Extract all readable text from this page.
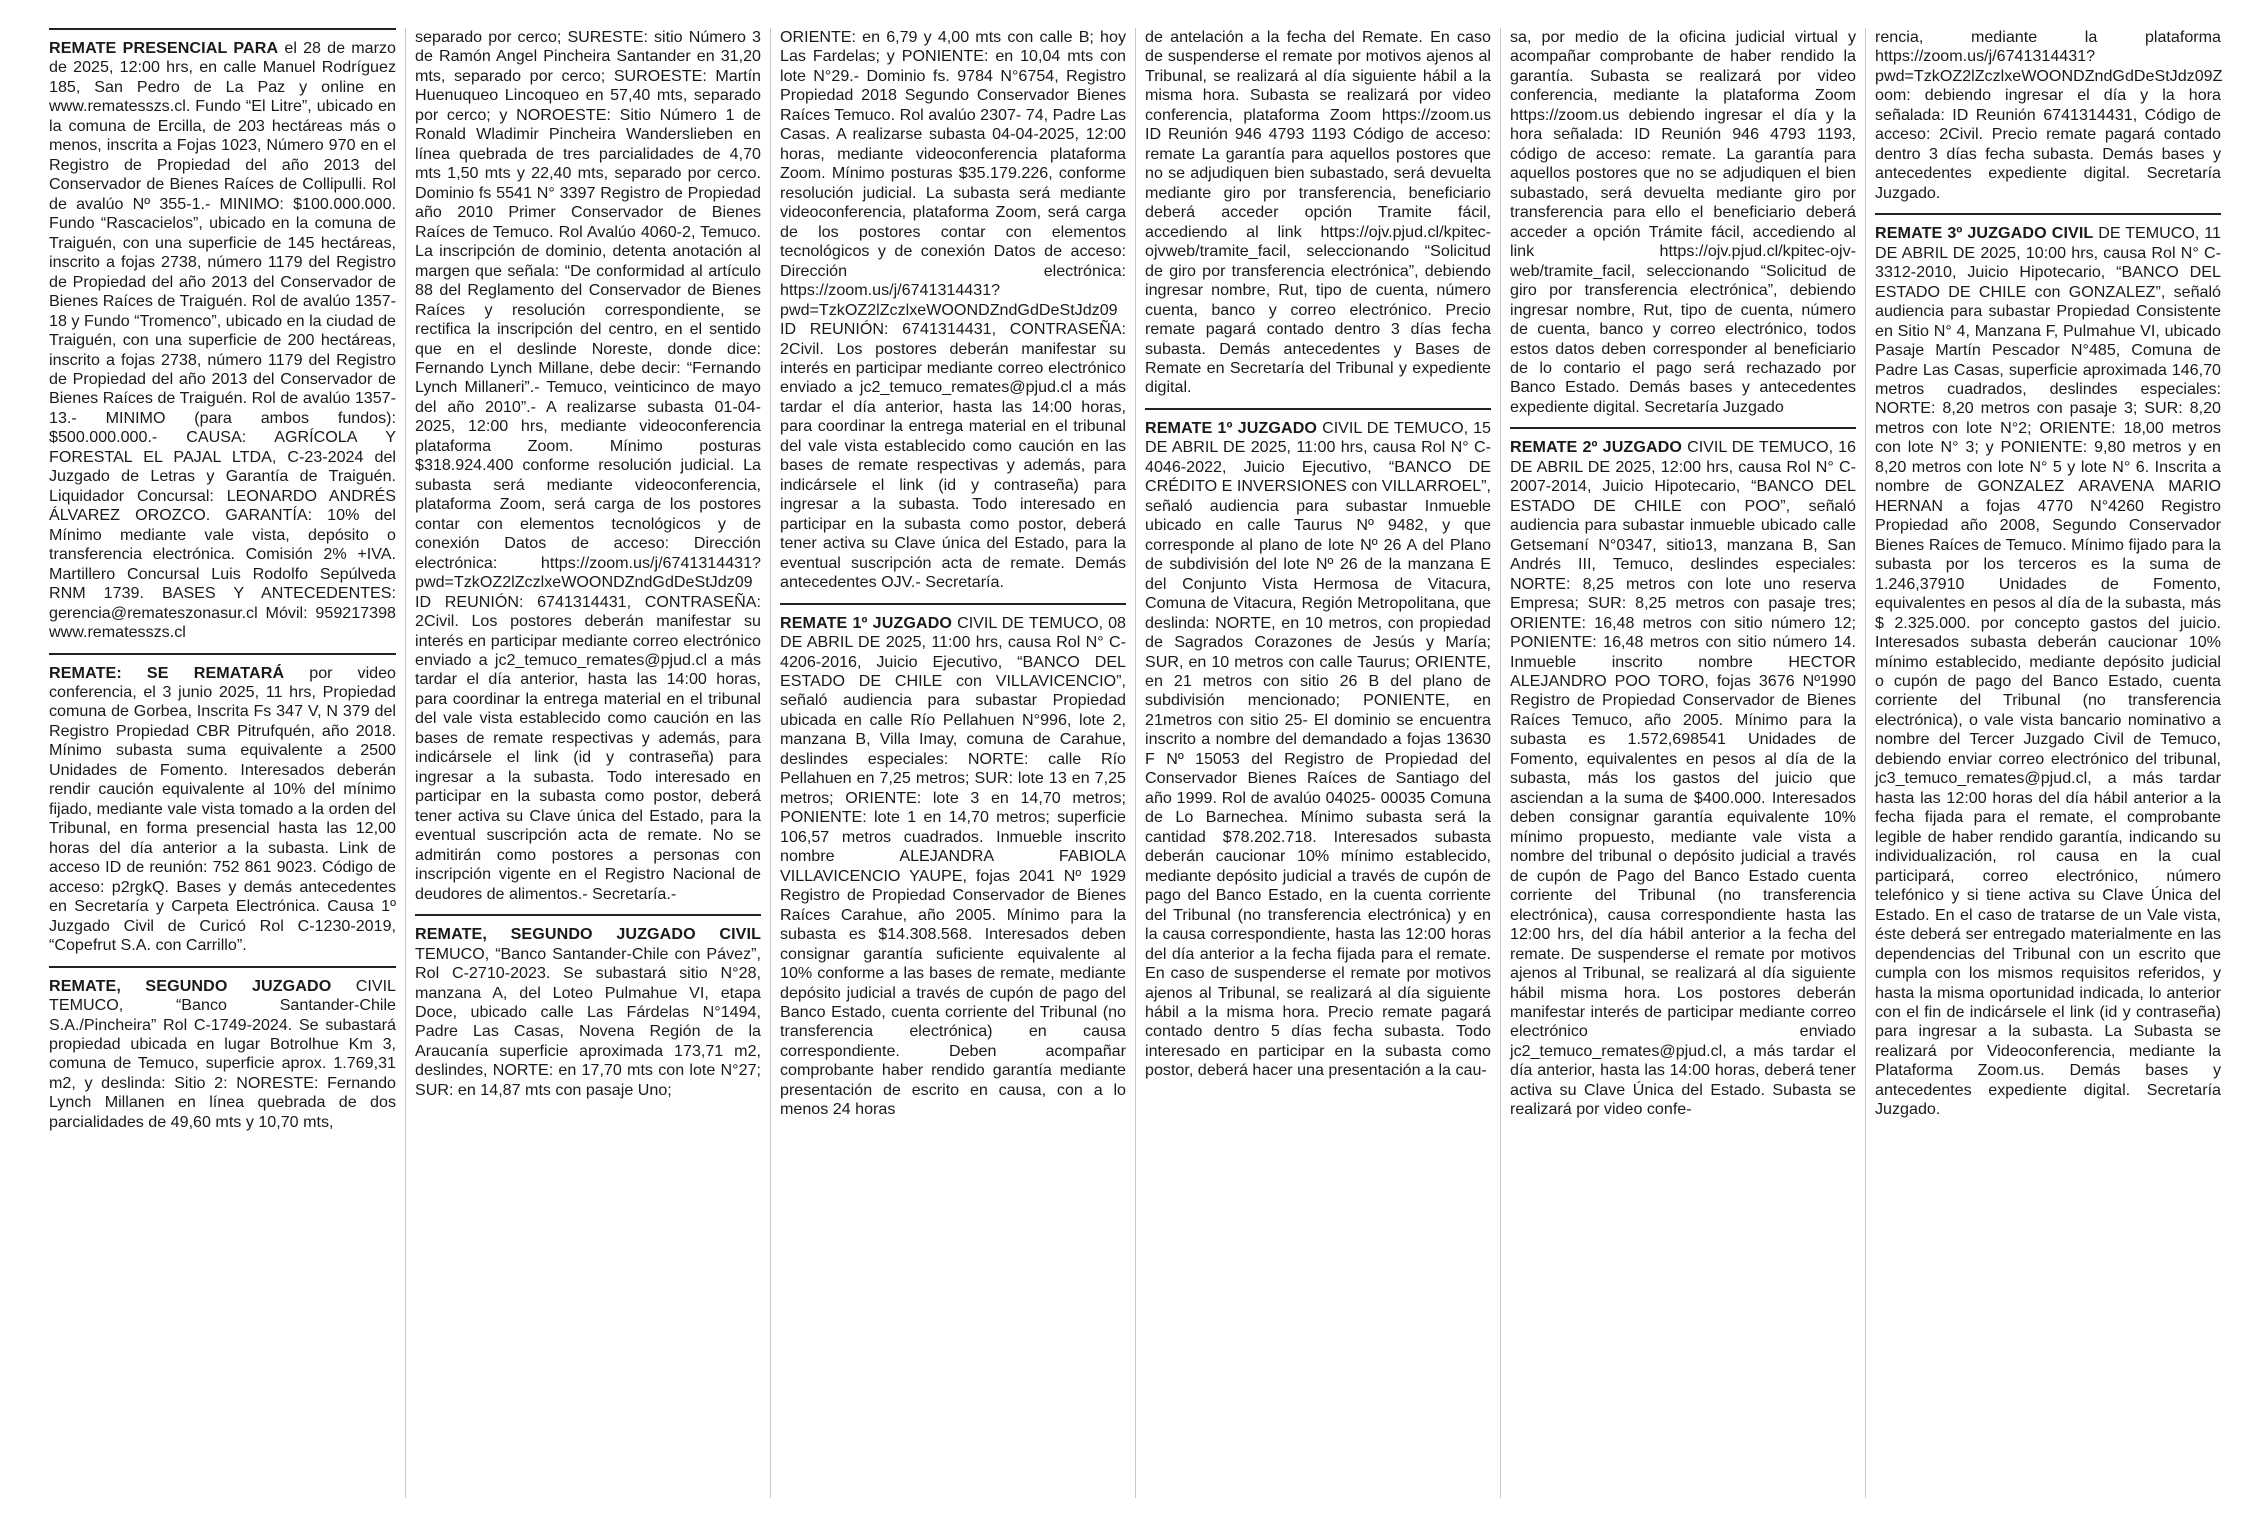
REMATE PRESENCIAL PARA el 28 de marzo de 2025, 12:00 hrs, en calle Manuel Rodríguez 185, San Pedro de La Paz y online en www.rematesszs.cl. Fundo “El Litre”, ubicado en la comuna de Ercilla, de 203 hectáreas más o menos, inscrita a Fojas 1023, Número 970 en el Registro de Propiedad del año 2013 del Conservador de Bienes Raíces de Collipulli. Rol de avalúo Nº 355-1.- MINIMO: $100.000.000. Fundo “Rascacielos”, ubicado en la comuna de Traiguén, con una superficie de 145 hectáreas, inscrito a fojas 2738, número 1179 del Registro de Propiedad del año 2013 del Conservador de Bienes Raíces de Traiguén. Rol de avalúo 1357-18 y Fundo “Tromenco”, ubicado en la ciudad de Traiguén, con una superficie de 200 hectáreas, inscrito a fojas 2738, número 1179 del Registro de Propiedad del año 2013 del Conservador de Bienes Raíces de Traiguén. Rol de avalúo 1357-13.- MINIMO (para ambos fundos): $500.000.000.- CAUSA: AGRÍCOLA Y FORESTAL EL PAJAL LTDA, C-23-2024 del Juzgado de Letras y Garantía de Traiguén. Liquidador Concursal: LEONARDO ANDRÉS ÁLVAREZ OROZCO. GARANTÍA: 10% del Mínimo mediante vale vista, depósito o transferencia electrónica. Comisión 2% +IVA. Martillero Concursal Luis Rodolfo Sepúlveda RNM 1739. BASES Y ANTECEDENTES: gerencia@remateszonasur.cl Móvil: 959217398 www.rematesszs.cl

REMATE: SE REMATARÁ por video conferencia, el 3 junio 2025, 11 hrs, Propiedad comuna de Gorbea, Inscrita Fs 347 V, N 379 del Registro Propiedad CBR Pitrufquén, año 2018. Mínimo subasta suma equivalente a 2500 Unidades de Fomento. Interesados deberán rendir caución equivalente al 10% del mínimo fijado, mediante vale vista tomado a la orden del Tribunal, en forma presencial hasta las 12,00 horas del día anterior a la subasta. Link de acceso ID de reunión: 752 861 9023. Código de acceso: p2rgkQ. Bases y demás antecedentes en Secretaría y Carpeta Electrónica. Causa 1º Juzgado Civil de Curicó Rol C-1230-2019, “Copefrut S.A. con Carrillo”.

REMATE, SEGUNDO JUZGADO CIVIL TEMUCO, “Banco Santander-Chile S.A./Pincheira” Rol C-1749-2024. Se subastará propiedad ubicada en lugar Botrolhue Km 3, comuna de Temuco, superficie aprox. 1.769,31 m2, y deslinda: Sitio 2: NORESTE: Fernando Lynch Millanen en línea quebrada de dos parcialidades de 49,60 mts y 10,70 mts,

separado por cerco; SURESTE: sitio Número 3 de Ramón Angel Pincheira Santander en 31,20 mts, separado por cerco; SUROESTE: Martín Huenuqueo Lincoqueo en 57,40 mts, separado por cerco; y NOROESTE: Sitio Número 1 de Ronald Wladimir Pincheira Wanderslieben en línea quebrada de tres parcialidades de 4,70 mts 1,50 mts y 22,40 mts, separado por cerco. Dominio fs 5541 N° 3397 Registro de Propiedad año 2010 Primer Conservador de Bienes Raíces de Temuco. Rol Avalúo 4060-2, Temuco. La inscripción de dominio, detenta anotación al margen que señala: “De conformidad al artículo 88 del Reglamento del Conservador de Bienes Raíces y resolución correspondiente, se rectifica la inscripción del centro, en el sentido que en el deslinde Noreste, donde dice: Fernando Lynch Millane, debe decir: “Fernando Lynch Millaneri”.- Temuco, veinticinco de mayo del año 2010”.- A realizarse subasta 01-04-2025, 12:00 hrs, mediante videoconferencia plataforma Zoom. Mínimo posturas $318.924.400 conforme resolución judicial. La subasta será mediante videoconferencia, plataforma Zoom, será carga de los postores contar con elementos tecnológicos y de conexión Datos de acceso: Dirección electrónica: https://zoom.us/j/6741314431?pwd=TzkOZ2lZczlxeWOONDZndGdDeStJdz09 ID REUNIÓN: 6741314431, CONTRASEÑA: 2Civil. Los postores deberán manifestar su interés en participar mediante correo electrónico enviado a jc2_temuco_remates@pjud.cl a más tardar el día anterior, hasta las 14:00 horas, para coordinar la entrega material en el tribunal del vale vista establecido como caución en las bases de remate respectivas y además, para indicársele el link (id y contraseña) para ingresar a la subasta. Todo interesado en participar en la subasta como postor, deberá tener activa su Clave única del Estado, para la eventual suscripción acta de remate. No se admitirán como postores a personas con inscripción vigente en el Registro Nacional de deudores de alimentos.- Secretaría.-

REMATE, SEGUNDO JUZGADO CIVIL TEMUCO, “Banco Santander-Chile con Pávez”, Rol C-2710-2023. Se subastará sitio N°28, manzana A, del Loteo Pulmahue VI, etapa Doce, ubicado calle Las Fárdelas N°1494, Padre Las Casas, Novena Región de la Araucanía superficie aproximada 173,71 m2, deslindes, NORTE: en 17,70 mts con lote N°27; SUR: en 14,87 mts con pasaje Uno;

ORIENTE: en 6,79 y 4,00 mts con calle B; hoy Las Fardelas; y PONIENTE: en 10,04 mts con lote N°29.- Dominio fs. 9784 N°6754, Registro Propiedad 2018 Segundo Conservador Bienes Raíces Temuco. Rol avalúo 2307- 74, Padre Las Casas. A realizarse subasta 04-04-2025, 12:00 horas, mediante videoconferencia plataforma Zoom. Mínimo posturas $35.179.226, conforme resolución judicial. La subasta será mediante videoconferencia, plataforma Zoom, será carga de los postores contar con elementos tecnológicos y de conexión Datos de acceso: Dirección electrónica: https://zoom.us/j/6741314431?pwd=TzkOZ2lZczlxeWOONDZndGdDeStJdz09 ID REUNIÓN: 6741314431, CONTRASEÑA: 2Civil. Los postores deberán manifestar su interés en participar mediante correo electrónico enviado a jc2_temuco_remates@pjud.cl a más tardar el día anterior, hasta las 14:00 horas, para coordinar la entrega material en el tribunal del vale vista establecido como caución en las bases de remate respectivas y además, para indicársele el link (id y contraseña) para ingresar a la subasta. Todo interesado en participar en la subasta como postor, deberá tener activa su Clave única del Estado, para la eventual suscripción acta de remate. Demás antecedentes OJV.- Secretaría.

REMATE 1º JUZGADO CIVIL DE TEMUCO, 08 DE ABRIL DE 2025, 11:00 hrs, causa Rol N° C-4206-2016, Juicio Ejecutivo, “BANCO DEL ESTADO DE CHILE con VILLAVICENCIO”, señaló audiencia para subastar Propiedad ubicada en calle Río Pellahuen N°996, lote 2, manzana B, Villa Imay, comuna de Carahue, deslindes especiales: NORTE: calle Río Pellahuen en 7,25 metros; SUR: lote 13 en 7,25 metros; ORIENTE: lote 3 en 14,70 metros; PONIENTE: lote 1 en 14,70 metros; superficie 106,57 metros cuadrados. Inmueble inscrito nombre ALEJANDRA FABIOLA VILLAVICENCIO YAUPE, fojas 2041 Nº 1929 Registro de Propiedad Conservador de Bienes Raíces Carahue, año 2005. Mínimo para la subasta es $14.308.568. Interesados deben consignar garantía suficiente equivalente al 10% conforme a las bases de remate, mediante depósito judicial a través de cupón de pago del Banco Estado, cuenta corriente del Tribunal (no transferencia electrónica) en causa correspondiente. Deben acompañar comprobante haber rendido garantía mediante presentación de escrito en causa, con a lo menos 24 horas

de antelación a la fecha del Remate. En caso de suspenderse el remate por motivos ajenos al Tribunal, se realizará al día siguiente hábil a la misma hora. Subasta se realizará por video conferencia, plataforma Zoom https://zoom.us ID Reunión 946 4793 1193 Código de acceso: remate La garantía para aquellos postores que no se adjudiquen bien subastado, será devuelta mediante giro por transferencia, beneficiario deberá acceder opción Tramite fácil, accediendo al link https://ojv.pjud.cl/kpitec-ojvweb/tramite_facil, seleccionando “Solicitud de giro por transferencia electrónica”, debiendo ingresar nombre, Rut, tipo de cuenta, número cuenta, banco y correo electrónico. Precio remate pagará contado dentro 3 días fecha subasta. Demás antecedentes y Bases de Remate en Secretaría del Tribunal y expediente digital.

REMATE 1º JUZGADO CIVIL DE TEMUCO, 15 DE ABRIL DE 2025, 11:00 hrs, causa Rol N° C-4046-2022, Juicio Ejecutivo, “BANCO DE CRÉDITO E INVERSIONES con VILLARROEL”, señaló audiencia para subastar Inmueble ubicado en calle Taurus Nº 9482, y que corresponde al plano de lote Nº 26 A del Plano de subdivisión del lote Nº 26 de la manzana E del Conjunto Vista Hermosa de Vitacura, Comuna de Vitacura, Región Metropolitana, que deslinda: NORTE, en 10 metros, con propiedad de Sagrados Corazones de Jesús y María; SUR, en 10 metros con calle Taurus; ORIENTE, en 21 metros con sitio 26 B del plano de subdivisión mencionado; PONIENTE, en 21metros con sitio 25- El dominio se encuentra inscrito a nombre del demandado a fojas 13630 F Nº 15053 del Registro de Propiedad del Conservador Bienes Raíces de Santiago del año 1999. Rol de avalúo 04025- 00035 Comuna de Lo Barnechea. Mínimo subasta será la cantidad $78.202.718. Interesados subasta deberán caucionar 10% mínimo establecido, mediante depósito judicial a través de cupón de pago del Banco Estado, en la cuenta corriente del Tribunal (no transferencia electrónica) y en la causa correspondiente, hasta las 12:00 horas del día anterior a la fecha fijada para el remate. En caso de suspenderse el remate por motivos ajenos al Tribunal, se realizará al día siguiente hábil a la misma hora. Precio remate pagará contado dentro 5 días fecha subasta. Todo interesado en participar en la subasta como postor, deberá hacer una presentación a la cau-

sa, por medio de la oficina judicial virtual y acompañar comprobante de haber rendido la garantía. Subasta se realizará por video conferencia, mediante la plataforma Zoom https://zoom.us debiendo ingresar el día y la hora señalada: ID Reunión 946 4793 1193, código de acceso: remate. La garantía para aquellos postores que no se adjudiquen el bien subastado, será devuelta mediante giro por transferencia para ello el beneficiario deberá acceder a opción Trámite fácil, accediendo al link https://ojv.pjud.cl/kpitec-ojv-web/tramite_facil, seleccionando “Solicitud de giro por transferencia electrónica”, debiendo ingresar nombre, Rut, tipo de cuenta, número de cuenta, banco y correo electrónico, todos estos datos deben corresponder al beneficiario de lo contario el pago será rechazado por Banco Estado. Demás bases y antecedentes expediente digital. Secretaría Juzgado

REMATE 2º JUZGADO CIVIL DE TEMUCO, 16 DE ABRIL DE 2025, 12:00 hrs, causa Rol N° C-2007-2014, Juicio Hipotecario, “BANCO DEL ESTADO DE CHILE con POO”, señaló audiencia para subastar inmueble ubicado calle Getsemaní N°0347, sitio13, manzana B, San Andrés III, Temuco, deslindes especiales: NORTE: 8,25 metros con lote uno reserva Empresa; SUR: 8,25 metros con pasaje tres; ORIENTE: 16,48 metros con sitio número 12; PONIENTE: 16,48 metros con sitio número 14. Inmueble inscrito nombre HECTOR ALEJANDRO POO TORO, fojas 3676 Nº1990 Registro de Propiedad Conservador de Bienes Raíces Temuco, año 2005. Mínimo para la subasta es 1.572,698541 Unidades de Fomento, equivalentes en pesos al día de la subasta, más los gastos del juicio que asciendan a la suma de $400.000. Interesados deben consignar garantía equivalente 10% mínimo propuesto, mediante vale vista a nombre del tribunal o depósito judicial a través de cupón de Pago del Banco Estado cuenta corriente del Tribunal (no transferencia electrónica), causa correspondiente hasta las 12:00 hrs, del día hábil anterior a la fecha del remate. De suspenderse el remate por motivos ajenos al Tribunal, se realizará al día siguiente hábil misma hora. Los postores deberán manifestar interés de participar mediante correo electrónico enviado jc2_temuco_remates@pjud.cl, a más tardar el día anterior, hasta las 14:00 horas, deberá tener activa su Clave Única del Estado. Subasta se realizará por video confe-

rencia, mediante la plataforma https://zoom.us/j/6741314431?pwd=TzkOZ2lZczlxeWOONDZndGdDeStJdz09Z oom: debiendo ingresar el día y la hora señalada: ID Reunión 6741314431, Código de acceso: 2Civil. Precio remate pagará contado dentro 3 días fecha subasta. Demás bases y antecedentes expediente digital. Secretaría Juzgado.

REMATE 3º JUZGADO CIVIL DE TEMUCO, 11 DE ABRIL DE 2025, 10:00 hrs, causa Rol N° C-3312-2010, Juicio Hipotecario, “BANCO DEL ESTADO DE CHILE con GONZALEZ”, señaló audiencia para subastar Propiedad Consistente en Sitio N° 4, Manzana F, Pulmahue VI, ubicado Pasaje Martín Pescador N°485, Comuna de Padre Las Casas, superficie aproximada 146,70 metros cuadrados, deslindes especiales: NORTE: 8,20 metros con pasaje 3; SUR: 8,20 metros con lote N°2; ORIENTE: 18,00 metros con lote N° 3; y PONIENTE: 9,80 metros y en 8,20 metros con lote N° 5 y lote N° 6. Inscrita a nombre de GONZALEZ ARAVENA MARIO HERNAN a fojas 4770 N°4260 Registro Propiedad año 2008, Segundo Conservador Bienes Raíces de Temuco. Mínimo fijado para la subasta por los terceros es la suma de 1.246,37910 Unidades de Fomento, equivalentes en pesos al día de la subasta, más $ 2.325.000. por concepto gastos del juicio. Interesados subasta deberán caucionar 10% mínimo establecido, mediante depósito judicial o cupón de pago del Banco Estado, cuenta corriente del Tribunal (no transferencia electrónica), o vale vista bancario nominativo a nombre del Tercer Juzgado Civil de Temuco, debiendo enviar correo electrónico del tribunal, jc3_temuco_remates@pjud.cl, a más tardar hasta las 12:00 horas del día hábil anterior a la fecha fijada para el remate, el comprobante legible de haber rendido garantía, indicando su individualización, rol causa en la cual participará, correo electrónico, número telefónico y si tiene activa su Clave Única del Estado. En el caso de tratarse de un Vale vista, éste deberá ser entregado materialmente en las dependencias del Tribunal con un escrito que cumpla con los mismos requisitos referidos, y hasta la misma oportunidad indicada, lo anterior con el fin de indicársele el link (id y contraseña) para ingresar a la subasta. La Subasta se realizará por Videoconferencia, mediante la Plataforma Zoom.us. Demás bases y antecedentes expediente digital. Secretaría Juzgado.
